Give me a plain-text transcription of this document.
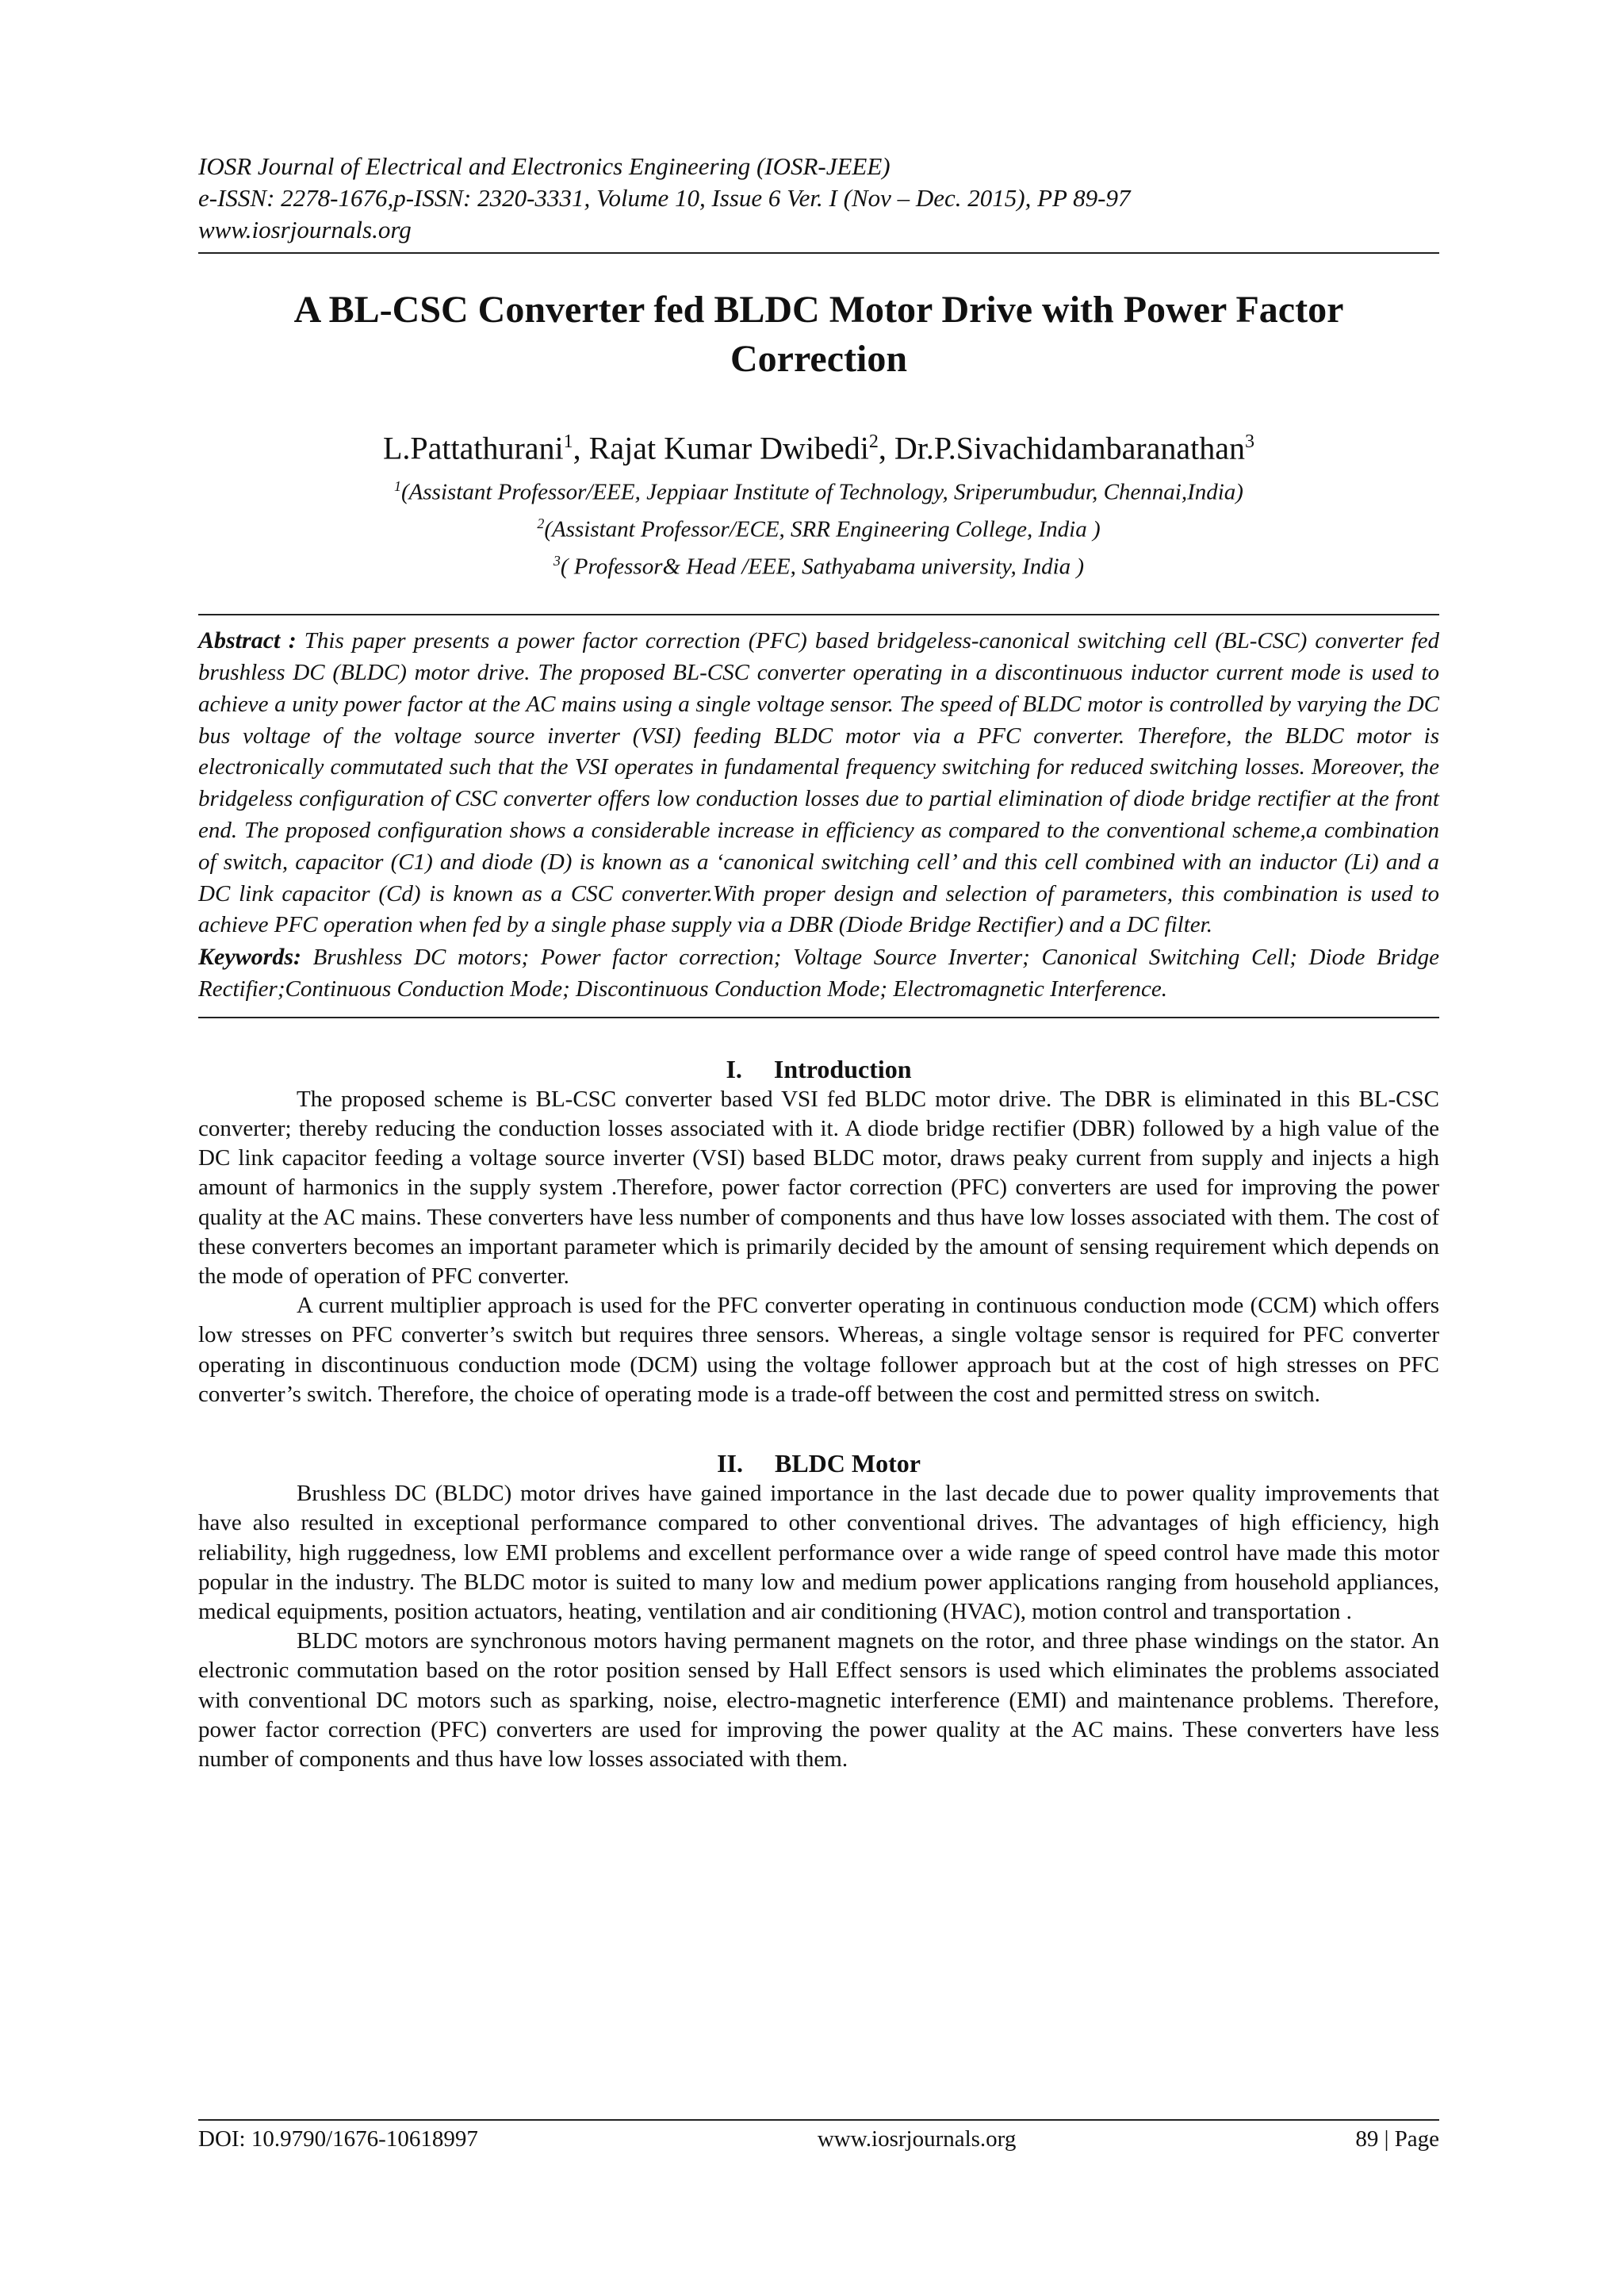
IOSR Journal of Electrical and Electronics Engineering (IOSR-JEEE)
e-ISSN: 2278-1676,p-ISSN: 2320-3331, Volume 10, Issue 6 Ver. I (Nov – Dec. 2015), PP 89-97
www.iosrjournals.org
A BL-CSC Converter fed BLDC Motor Drive with Power Factor
Correction
L.Pattathurani$^1$, Rajat Kumar Dwibedi$^2$, Dr.P.Sivachidambaranathan$^3$
$^1$(Assistant Professor/EEE, Jeppiaar Institute of Technology, Sriperumbudur, Chennai,India)
$^2$(Assistant Professor/ECE, SRR Engineering College, India )
$^3$( Professor& Head /EEE, Sathyabama university, India )

Abstract : This paper presents a power factor correction (PFC) based bridgeless-canonical switching cell (BL-CSC) converter fed brushless DC (BLDC) motor drive. The proposed BL-CSC converter operating in a discontinuous inductor current mode is used to achieve a unity power factor at the AC mains using a single voltage sensor. The speed of BLDC motor is controlled by varying the DC bus voltage of the voltage source inverter (VSI) feeding BLDC motor via a PFC converter. Therefore, the BLDC motor is electronically commutated such that the VSI operates in fundamental frequency switching for reduced switching losses. Moreover, the bridgeless configuration of CSC converter offers low conduction losses due to partial elimination of diode bridge rectifier at the front end. The proposed configuration shows a considerable increase in efficiency as compared to the conventional scheme,a combination of switch, capacitor (C1) and diode (D) is known as a ‘canonical switching cell’ and this cell combined with an inductor (Li) and a DC link capacitor (Cd) is known as a CSC converter.With proper design and selection of parameters, this combination is used to achieve PFC operation when fed by a single phase supply via a DBR (Diode Bridge Rectifier) and a DC filter.

Keywords: Brushless DC motors; Power factor correction; Voltage Source Inverter; Canonical Switching Cell; Diode Bridge Rectifier;Continuous Conduction Mode; Discontinuous Conduction Mode; Electromagnetic Interference.

I. Introduction

The proposed scheme is BL-CSC converter based VSI fed BLDC motor drive. The DBR is eliminated in this BL-CSC converter; thereby reducing the conduction losses associated with it. A diode bridge rectifier (DBR) followed by a high value of the DC link capacitor feeding a voltage source inverter (VSI) based BLDC motor, draws peaky current from supply and injects a high amount of harmonics in the supply system .Therefore, power factor correction (PFC) converters are used for improving the power quality at the AC mains. These converters have less number of components and thus have low losses associated with them. The cost of these converters becomes an important parameter which is primarily decided by the amount of sensing requirement which depends on the mode of operation of PFC converter.

A current multiplier approach is used for the PFC converter operating in continuous conduction mode (CCM) which offers low stresses on PFC converter’s switch but requires three sensors. Whereas, a single voltage sensor is required for PFC converter operating in discontinuous conduction mode (DCM) using the voltage follower approach but at the cost of high stresses on PFC converter’s switch. Therefore, the choice of operating mode is a trade-off between the cost and permitted stress on switch.

II. BLDC Motor

Brushless DC (BLDC) motor drives have gained importance in the last decade due to power quality improvements that have also resulted in exceptional performance compared to other conventional drives. The advantages of high efficiency, high reliability, high ruggedness, low EMI problems and excellent performance over a wide range of speed control have made this motor popular in the industry. The BLDC motor is suited to many low and medium power applications ranging from household appliances, medical equipments, position actuators, heating, ventilation and air conditioning (HVAC), motion control and transportation .

BLDC motors are synchronous motors having permanent magnets on the rotor, and three phase windings on the stator. An electronic commutation based on the rotor position sensed by Hall Effect sensors is used which eliminates the problems associated with conventional DC motors such as sparking, noise, electro-magnetic interference (EMI) and maintenance problems. Therefore, power factor correction (PFC) converters are used for improving the power quality at the AC mains. These converters have less number of components and thus have low losses associated with them.

DOI: 10.9790/1676-10618997	www.iosrjournals.org	89 | Page
